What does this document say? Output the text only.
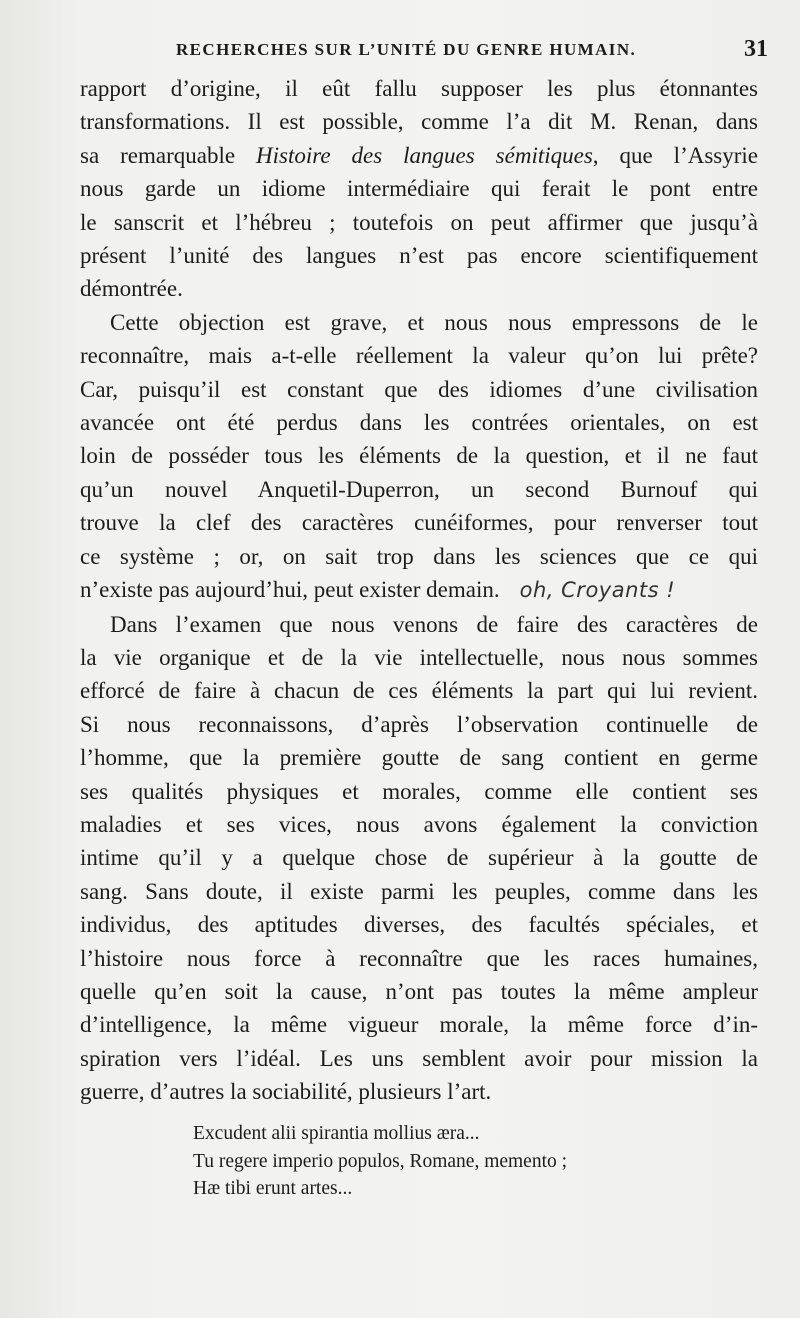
RECHERCHES SUR L’UNITÉ DU GENRE HUMAIN.	31
rapport d’origine, il eût fallu supposer les plus étonnantes
transformations. Il est possible, comme l’a dit M. Renan, dans
sa remarquable Histoire des langues sémitiques, que l’Assyrie
nous garde un idiome intermédiaire qui ferait le pont entre
le sanscrit et l’hébreu ; toutefois on peut affirmer que jusqu’à
présent l’unité des langues n’est pas encore scientifiquement
démontrée.
Cette objection est grave, et nous nous empressons de le
reconnaître, mais a-t-elle réellement la valeur qu’on lui prête?
Car, puisqu’il est constant que des idiomes d’une civilisation
avancée ont été perdus dans les contrées orientales, on est
loin de posséder tous les éléments de la question, et il ne faut
qu’un nouvel Anquetil-Duperron, un second Burnouf qui
trouve la clef des caractères cunéiformes, pour renverser tout
ce système ; or, on sait trop dans les sciences que ce qui
n’existe pas aujourd’hui, peut exister demain. oh, Croyants !
Dans l’examen que nous venons de faire des caractères de
la vie organique et de la vie intellectuelle, nous nous sommes
efforcé de faire à chacun de ces éléments la part qui lui revient.
Si nous reconnaissons, d’après l’observation continuelle de
l’homme, que la première goutte de sang contient en germe
ses qualités physiques et morales, comme elle contient ses
maladies et ses vices, nous avons également la conviction
intime qu’il y a quelque chose de supérieur à la goutte de
sang. Sans doute, il existe parmi les peuples, comme dans les
individus, des aptitudes diverses, des facultés spéciales, et
l’histoire nous force à reconnaître que les races humaines,
quelle qu’en soit la cause, n’ont pas toutes la même ampleur
d’intelligence, la même vigueur morale, la même force d’in-
spiration vers l’idéal. Les uns semblent avoir pour mission la
guerre, d’autres la sociabilité, plusieurs l’art.
Excudent alii spirantia mollius æra...
Tu regere imperio populos, Romane, memento ;
Hæ tibi erunt artes...
